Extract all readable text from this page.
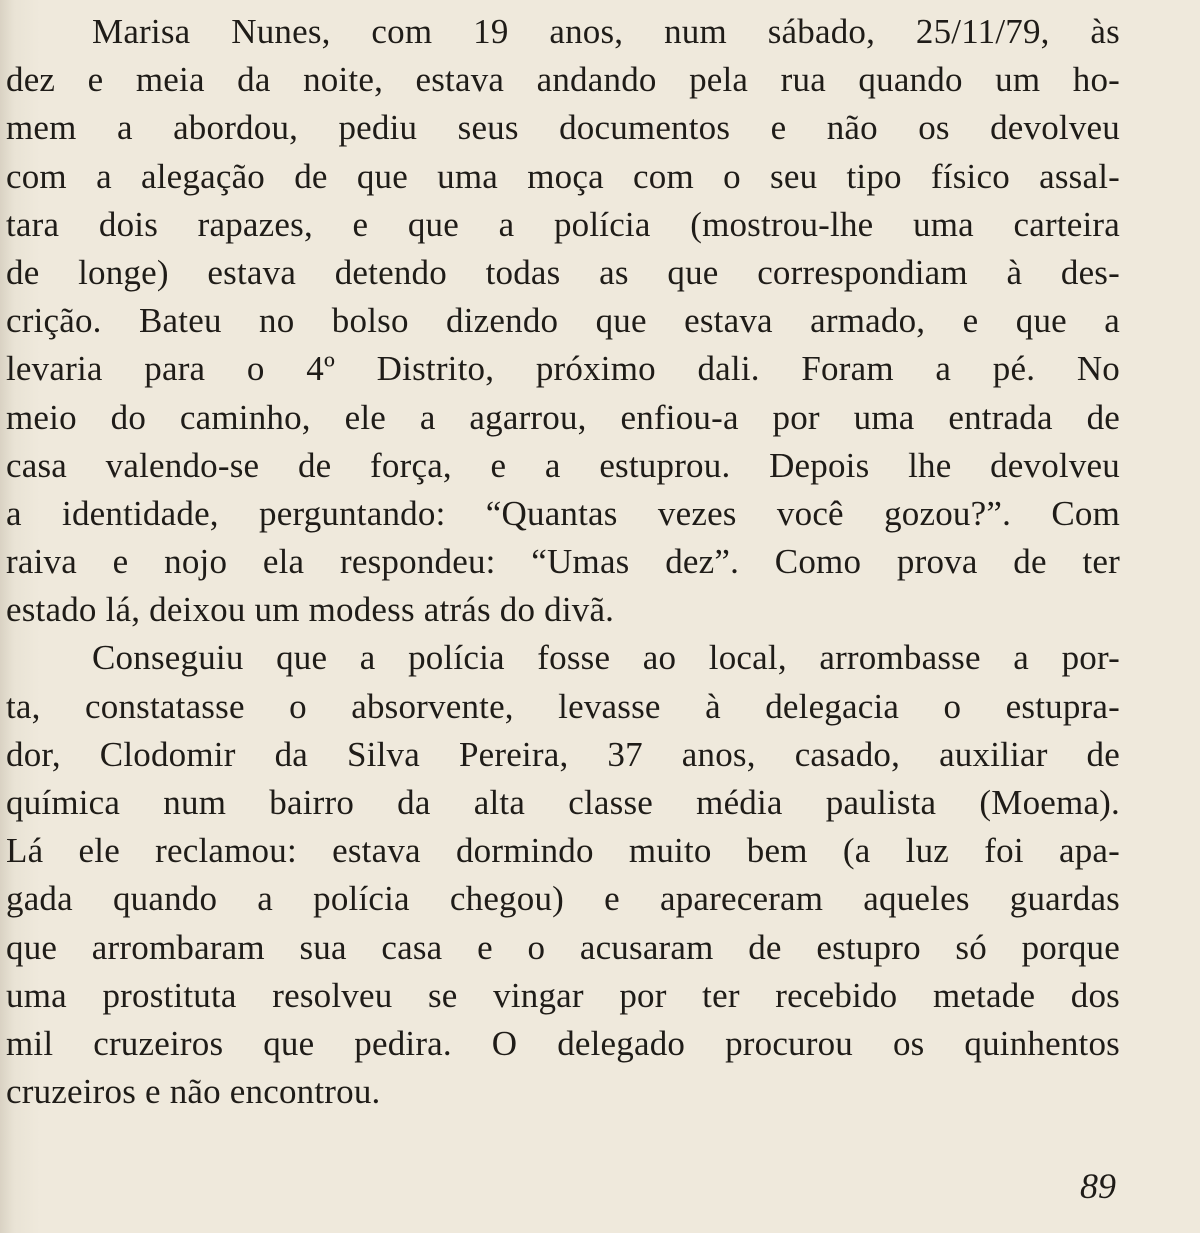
Marisa Nunes, com 19 anos, num sábado, 25/11/79, às
dez e meia da noite, estava andando pela rua quando um ho-
mem a abordou, pediu seus documentos e não os devolveu
com a alegação de que uma moça com o seu tipo físico assal-
tara dois rapazes, e que a polícia (mostrou-lhe uma carteira
de longe) estava detendo todas as que correspondiam à des-
crição. Bateu no bolso dizendo que estava armado, e que a
levaria para o 4º Distrito, próximo dali. Foram a pé. No
meio do caminho, ele a agarrou, enfiou-a por uma entrada de
casa valendo-se de força, e a estuprou. Depois lhe devolveu
a identidade, perguntando: “Quantas vezes você gozou?”. Com
raiva e nojo ela respondeu: “Umas dez”. Como prova de ter
estado lá, deixou um modess atrás do divã.
Conseguiu que a polícia fosse ao local, arrombasse a por-
ta, constatasse o absorvente, levasse à delegacia o estupra-
dor, Clodomir da Silva Pereira, 37 anos, casado, auxiliar de
química num bairro da alta classe média paulista (Moema).
Lá ele reclamou: estava dormindo muito bem (a luz foi apa-
gada quando a polícia chegou) e apareceram aqueles guardas
que arrombaram sua casa e o acusaram de estupro só porque
uma prostituta resolveu se vingar por ter recebido metade dos
mil cruzeiros que pedira. O delegado procurou os quinhentos
cruzeiros e não encontrou.
89
